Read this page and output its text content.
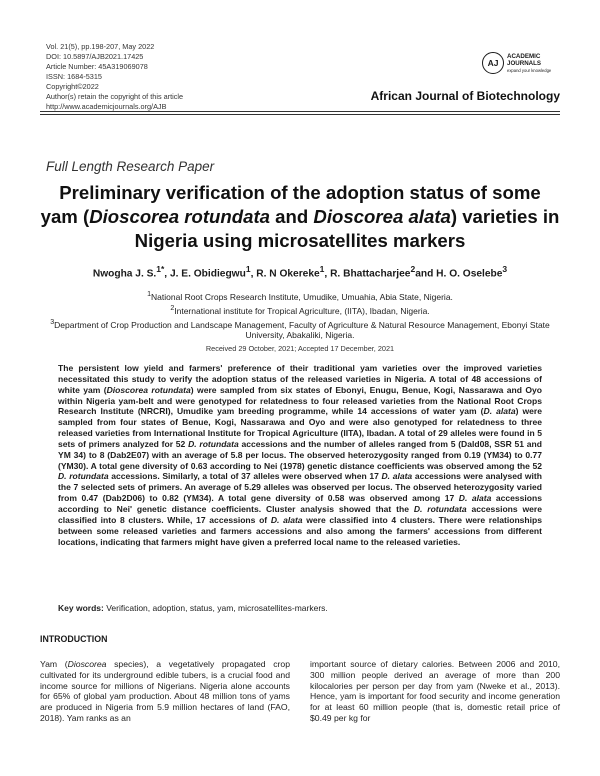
Vol. 21(5), pp.198-207, May 2022
DOI: 10.5897/AJB2021.17425
Article Number: 45A319069078
ISSN: 1684-5315
Copyright©2022
Author(s) retain the copyright of this article
http://www.academicjournals.org/AJB
AJ
ACADEMIC
JOURNALS
expand your knowledge
African Journal of Biotechnology
Full Length Research Paper
Preliminary verification of the adoption status of some yam (Dioscorea rotundata and Dioscorea alata) varieties in Nigeria using microsatellites markers
Nwogha J. S.$^{1*}$, J. E. Obidiegwu$^1$, R. N Okereke$^1$, R. Bhattacharjee$^2$and H. O. Oselebe$^3$
$^1$National Root Crops Research Institute, Umudike, Umuahia, Abia State, Nigeria.
$^2$International institute for Tropical Agriculture, (IITA), Ibadan, Nigeria.
$^3$Department of Crop Production and Landscape Management, Faculty of Agriculture & Natural Resource Management, Ebonyi State University, Abakaliki, Nigeria.
Received 29 October, 2021; Accepted 17 December, 2021
The persistent low yield and farmers' preference of their traditional yam varieties over the improved varieties necessitated this study to verify the adoption status of the released varieties in Nigeria. A total of 48 accessions of white yam (Dioscorea rotundata) were sampled from six states of Ebonyi, Enugu, Benue, Kogi, Nassarawa and Oyo within Nigeria yam-belt and were genotyped for relatedness to four released varieties from the National Root Crops Research Institute (NRCRI), Umudike yam breeding programme, while 14 accessions of water yam (D. alata) were sampled from four states of Benue, Kogi, Nassarawa and Oyo and were also genotyped for relatedness to three released varieties from International Institute for Tropical Agriculture (IITA), Ibadan. A total of 29 alleles were found in 5 sets of primers analyzed for 52 D. rotundata accessions and the number of alleles ranged from 5 (Dald08, SSR 51 and YM 34) to 8 (Dab2E07) with an average of 5.8 per locus. The observed heterozygosity ranged from 0.19 (YM34) to 0.77 (YM30). A total gene diversity of 0.63 according to Nei (1978) genetic distance coefficients was observed among the 52 D. rotundata accessions. Similarly, a total of 37 alleles were observed when 17 D. alata accessions were analysed with the 7 selected sets of primers. An average of 5.29 alleles was observed per locus. The observed heterozygosity varied from 0.47 (Dab2D06) to 0.82 (YM34). A total gene diversity of 0.58 was observed among 17 D. alata accessions according to Nei' genetic distance coefficients. Cluster analysis showed that the D. rotundata accessions were classified into 8 clusters. While, 17 accessions of D. alata were classified into 4 clusters. There were relationships between some released varieties and farmers accessions and also among the farmers' accessions from different locations, indicating that farmers might have given a preferred local name to the released varieties.
Key words: Verification, adoption, status, yam, microsatellites-markers.
INTRODUCTION
Yam (Dioscorea species), a vegetatively propagated crop cultivated for its underground edible tubers, is a crucial food and income source for millions of Nigerians. Nigeria alone accounts for 65% of global yam production. About 48 million tons of yams are produced in Nigeria from 5.9 million hectares of land (FAO, 2018). Yam ranks as an
important source of dietary calories. Between 2006 and 2010, 300 million people derived an average of more than 200 kilocalories per person per day from yam (Nweke et al., 2013). Hence, yam is important for food security and income generation for at least 60 million people (that is, domestic retail price of $0.49 per kg for
